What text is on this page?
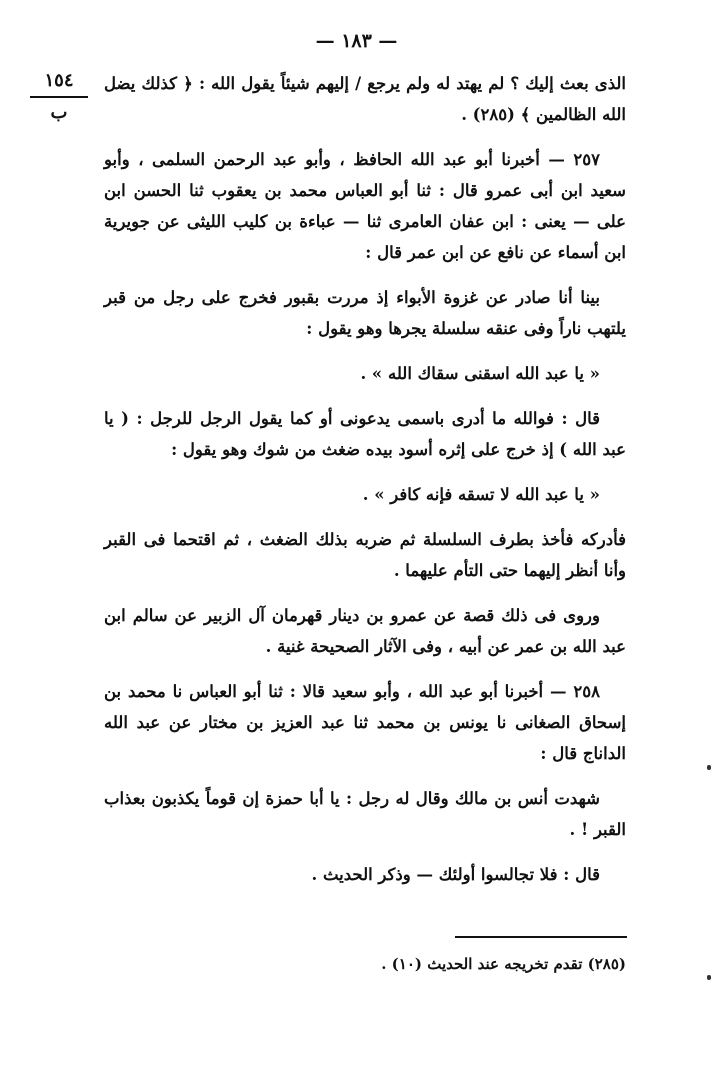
— ١٨٣ —
١٥٤
ب

الذى بعث إليك ؟ لم يهتد له ولم يرجع / إليهم شيئاً يقول الله : ﴿ كذلك يضل الله الظالمين ﴾ (٢٨٥) .

٢٥٧ — أخبرنا أبو عبد الله الحافظ ، وأبو عبد الرحمن السلمى ، وأبو سعيد ابن أبى عمرو قال : ثنا أبو العباس محمد بن يعقوب ثنا الحسن ابن على — يعنى : ابن عفان العامرى ثنا — عباءة بن كليب الليثى عن جويرية ابن أسماء عن نافع عن ابن عمر قال :

بينا أنا صادر عن غزوة الأبواء إذ مررت بقبور فخرج على رجل من قبر يلتهب ناراً وفى عنقه سلسلة يجرها وهو يقول :

« يا عبد الله اسقنى سقاك الله » .

قال : فوالله ما أدرى باسمى يدعونى أو كما يقول الرجل للرجل : ( يا عبد الله ) إذ خرج على إثره أسود بيده ضغث من شوك وهو يقول :

« يا عبد الله لا تسقه فإنه كافر » .

فأدركه فأخذ بطرف السلسلة ثم ضربه بذلك الضغث ، ثم اقتحما فى القبر وأنا أنظر إليهما حتى التأم عليهما .

وروى فى ذلك قصة عن عمرو بن دينار قهرمان آل الزبير عن سالم ابن عبد الله بن عمر عن أبيه ، وفى الآثار الصحيحة غنية .

٢٥٨ — أخبرنا أبو عبد الله ، وأبو سعيد قالا : ثنا أبو العباس نا محمد بن إسحاق الصغانى نا يونس بن محمد ثنا عبد العزيز بن مختار عن عبد الله الداناج قال :

شهدت أنس بن مالك وقال له رجل : يا أبا حمزة إن قوماً يكذبون بعذاب القبر ! .

قال : فلا تجالسوا أولئك — وذكر الحديث .

(٢٨٥) تقدم تخريجه عند الحديث (١٠) .
